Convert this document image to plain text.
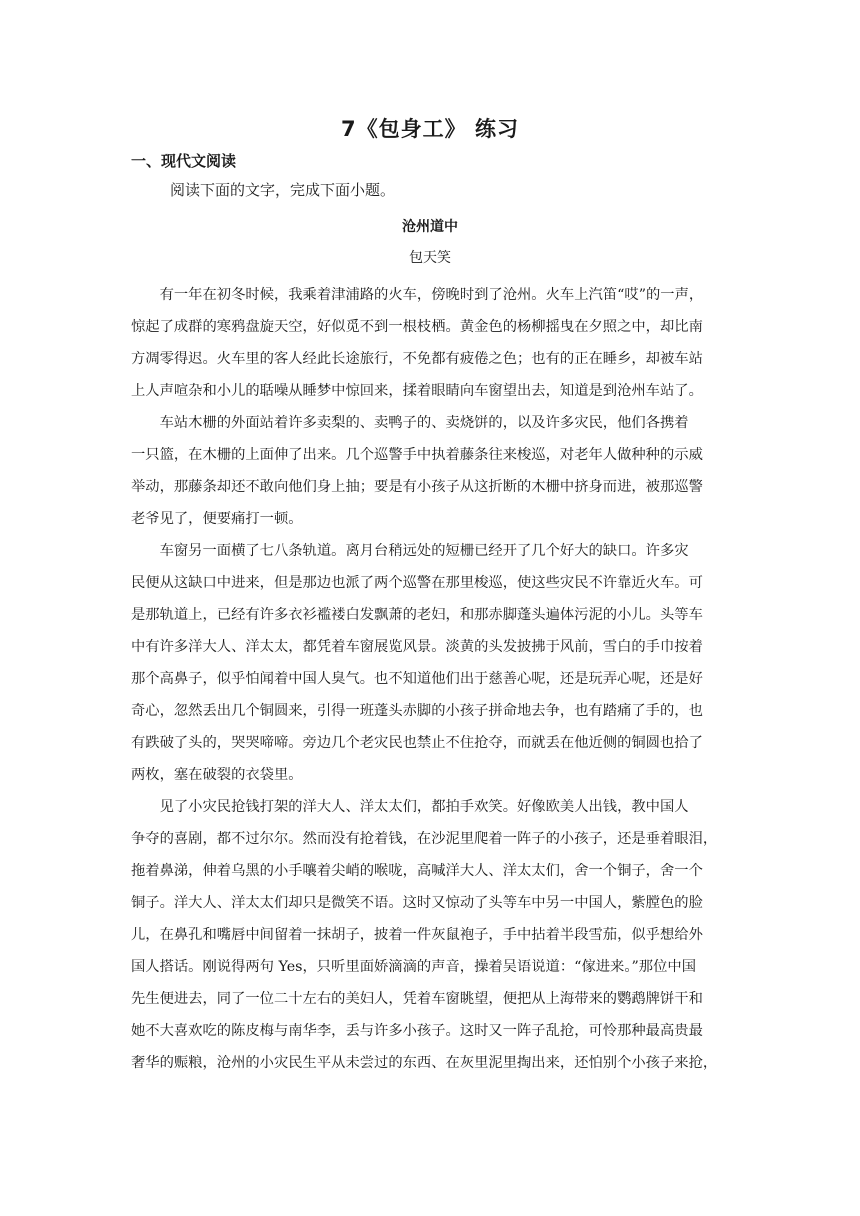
7《包身工》 练习
一、现代文阅读
阅读下面的文字，完成下面小题。
沧州道中
包天笑

有一年在初冬时候，我乘着津浦路的火车，傍晚时到了沧州。火车上汽笛“哎”的一声，
惊起了成群的寒鸦盘旋天空，好似觅不到一根枝栖。黄金色的杨柳摇曳在夕照之中，却比南
方凋零得迟。火车里的客人经此长途旅行，不免都有疲倦之色；也有的正在睡乡，却被车站
上人声喧杂和小儿的聒噪从睡梦中惊回来，揉着眼睛向车窗望出去，知道是到沧州车站了。

车站木栅的外面站着许多卖梨的、卖鸭子的、卖烧饼的，以及许多灾民，他们各携着
一只篮，在木栅的上面伸了出来。几个巡警手中执着藤条往来梭巡，对老年人做种种的示威
举动，那藤条却还不敢向他们身上抽；要是有小孩子从这折断的木栅中挤身而进，被那巡警
老爷见了，便要痛打一顿。

车窗另一面横了七八条轨道。离月台稍远处的短栅已经开了几个好大的缺口。许多灾
民便从这缺口中进来，但是那边也派了两个巡警在那里梭巡，使这些灾民不许靠近火车。可
是那轨道上，已经有许多衣衫褴褛白发飘萧的老妇，和那赤脚蓬头遍体污泥的小儿。头等车
中有许多洋大人、洋太太，都凭着车窗展览风景。淡黄的头发披拂于风前，雪白的手巾按着
那个高鼻子，似乎怕闻着中国人臭气。也不知道他们出于慈善心呢，还是玩弄心呢，还是好
奇心，忽然丢出几个铜圆来，引得一班蓬头赤脚的小孩子拼命地去争，也有踏痛了手的，也
有跌破了头的，哭哭啼啼。旁边几个老灾民也禁止不住抢夺，而就丢在他近侧的铜圆也拾了
两枚，塞在破裂的衣袋里。

见了小灾民抢钱打架的洋大人、洋太太们，都拍手欢笑。好像欧美人出钱，教中国人
争夺的喜剧，都不过尔尔。然而没有抢着钱，在沙泥里爬着一阵子的小孩子，还是垂着眼泪，
拖着鼻涕，伸着乌黑的小手嚷着尖峭的喉咙，高喊洋大人、洋太太们，舍一个铜子，舍一个
铜子。洋大人、洋太太们却只是微笑不语。这时又惊动了头等车中另一中国人，紫膛色的脸
儿，在鼻孔和嘴唇中间留着一抹胡子，披着一件灰鼠袍子，手中拈着半段雪茄，似乎想给外
国人搭话。刚说得两句 Yes，只听里面娇滴滴的声音，操着吴语说道：“傢进来。”那位中国
先生便进去，同了一位二十左右的美妇人，凭着车窗眺望，便把从上海带来的鹦鹉牌饼干和
她不大喜欢吃的陈皮梅与南华李，丢与许多小孩子。这时又一阵子乱抢，可怜那种最高贵最
奢华的赈粮，沧州的小灾民生平从未尝过的东西、在灰里泥里掏出来，还怕别个小孩子来抢，
